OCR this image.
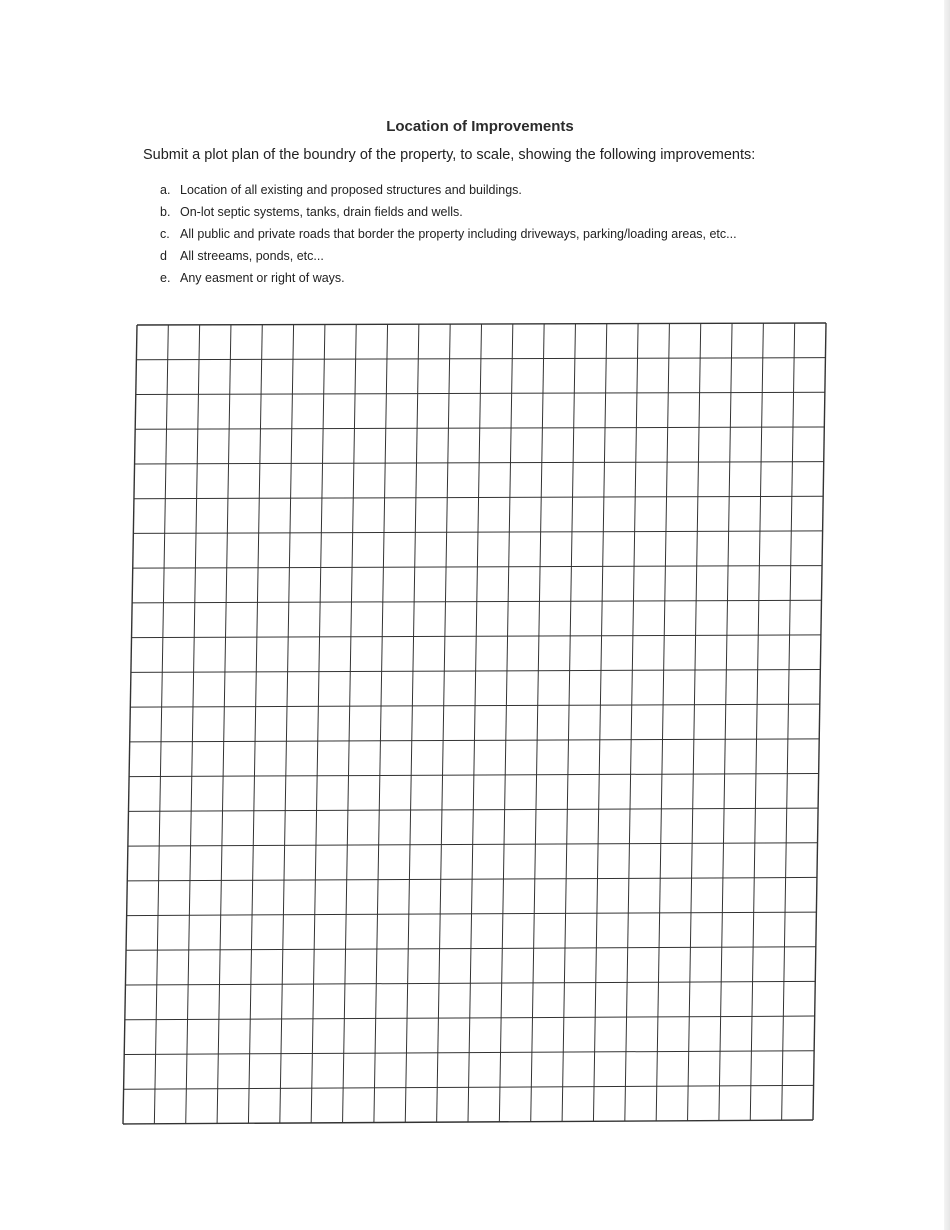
Location of Improvements
Submit a plot plan of the boundry of the property, to scale, showing the following improvements:
a. Location of all existing and proposed structures and buildings.
b. On-lot septic systems, tanks, drain fields and wells.
c. All public and private roads that border the property including driveways, parking/loading areas, etc...
d	All streeams, ponds, etc...
e. Any easment or right of ways.
